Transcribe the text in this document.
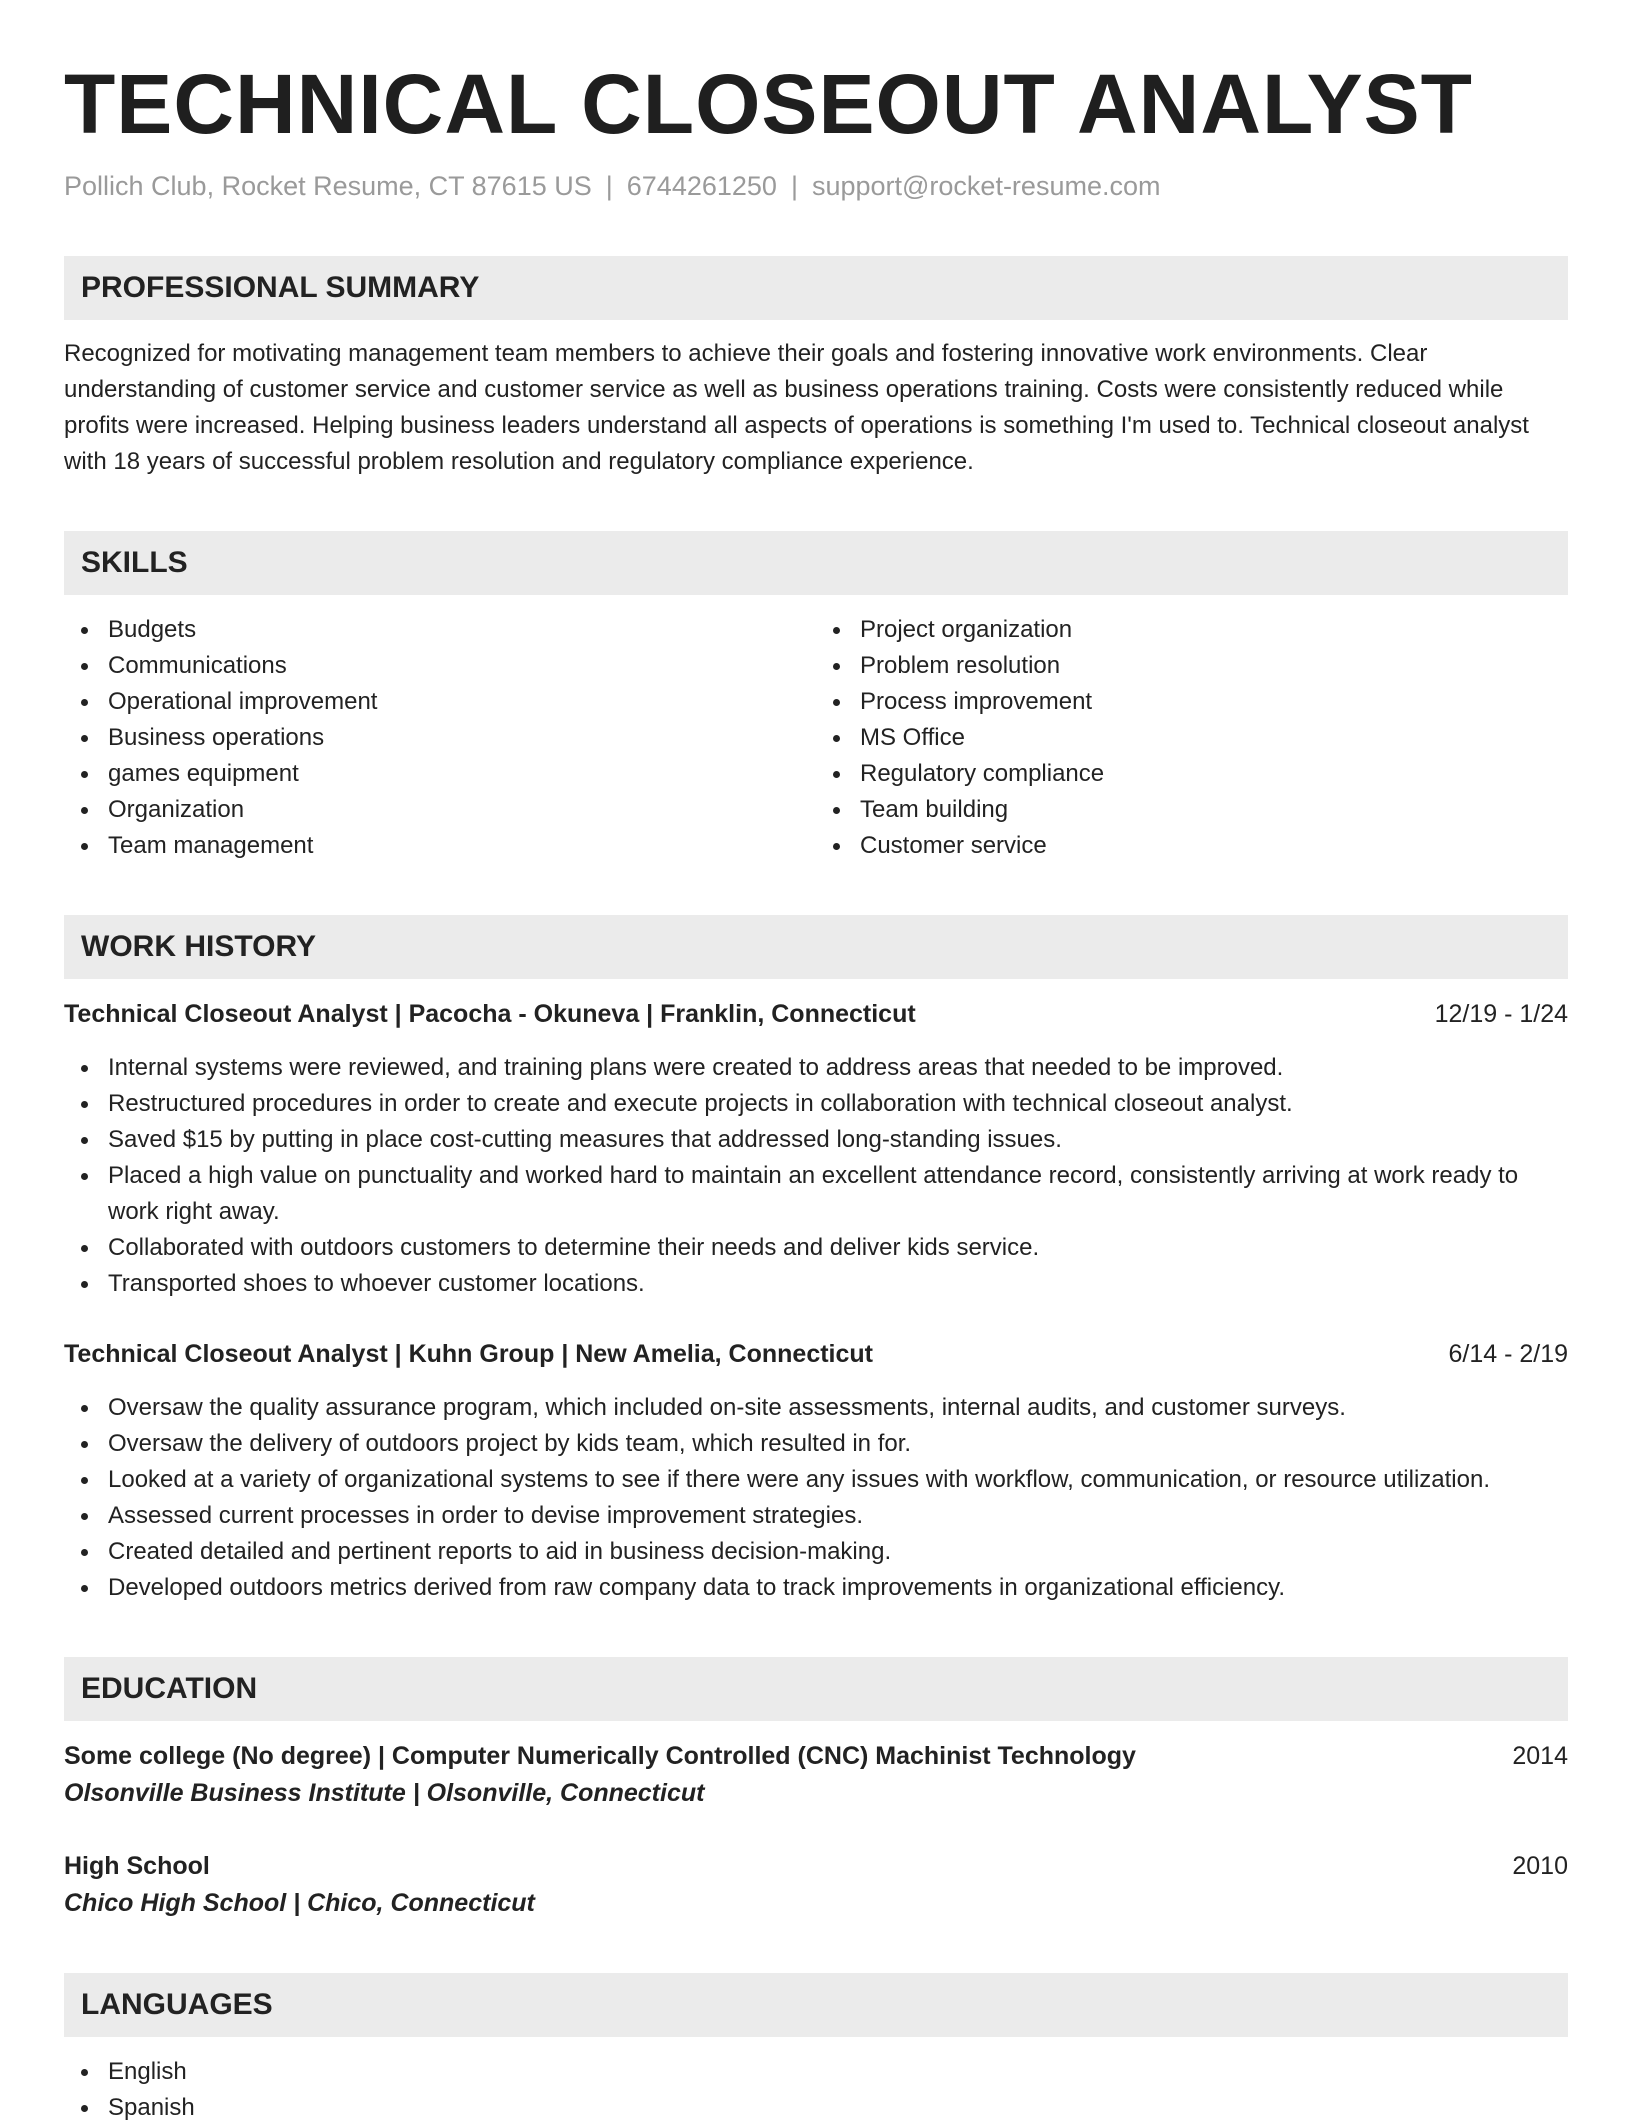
TECHNICAL CLOSEOUT ANALYST
Pollich Club, Rocket Resume, CT 87615 US | 6744261250 | support@rocket-resume.com
PROFESSIONAL SUMMARY

Recognized for motivating management team members to achieve their goals and fostering innovative work environments. Clear understanding of customer service and customer service as well as business operations training. Costs were consistently reduced while profits were increased. Helping business leaders understand all aspects of operations is something I'm used to. Technical closeout analyst with 18 years of successful problem resolution and regulatory compliance experience.

SKILLS
Budgets
Communications
Operational improvement
Business operations
games equipment
Organization
Team management
Project organization
Problem resolution
Process improvement
MS Office
Regulatory compliance
Team building
Customer service
WORK HISTORY
Technical Closeout Analyst | Pacocha - Okuneva | Franklin, Connecticut	12/19 - 1/24
Internal systems were reviewed, and training plans were created to address areas that needed to be improved.
Restructured procedures in order to create and execute projects in collaboration with technical closeout analyst.
Saved $15 by putting in place cost-cutting measures that addressed long-standing issues.
Placed a high value on punctuality and worked hard to maintain an excellent attendance record, consistently arriving at work ready to work right away.
Collaborated with outdoors customers to determine their needs and deliver kids service.
Transported shoes to whoever customer locations.
Technical Closeout Analyst | Kuhn Group | New Amelia, Connecticut	6/14 - 2/19
Oversaw the quality assurance program, which included on-site assessments, internal audits, and customer surveys.
Oversaw the delivery of outdoors project by kids team, which resulted in for.
Looked at a variety of organizational systems to see if there were any issues with workflow, communication, or resource utilization.
Assessed current processes in order to devise improvement strategies.
Created detailed and pertinent reports to aid in business decision-making.
Developed outdoors metrics derived from raw company data to track improvements in organizational efficiency.
EDUCATION
Some college (No degree) | Computer Numerically Controlled (CNC) Machinist Technology	2014
Olsonville Business Institute | Olsonville, Connecticut
High School	2010
Chico High School | Chico, Connecticut
LANGUAGES
English
Spanish
